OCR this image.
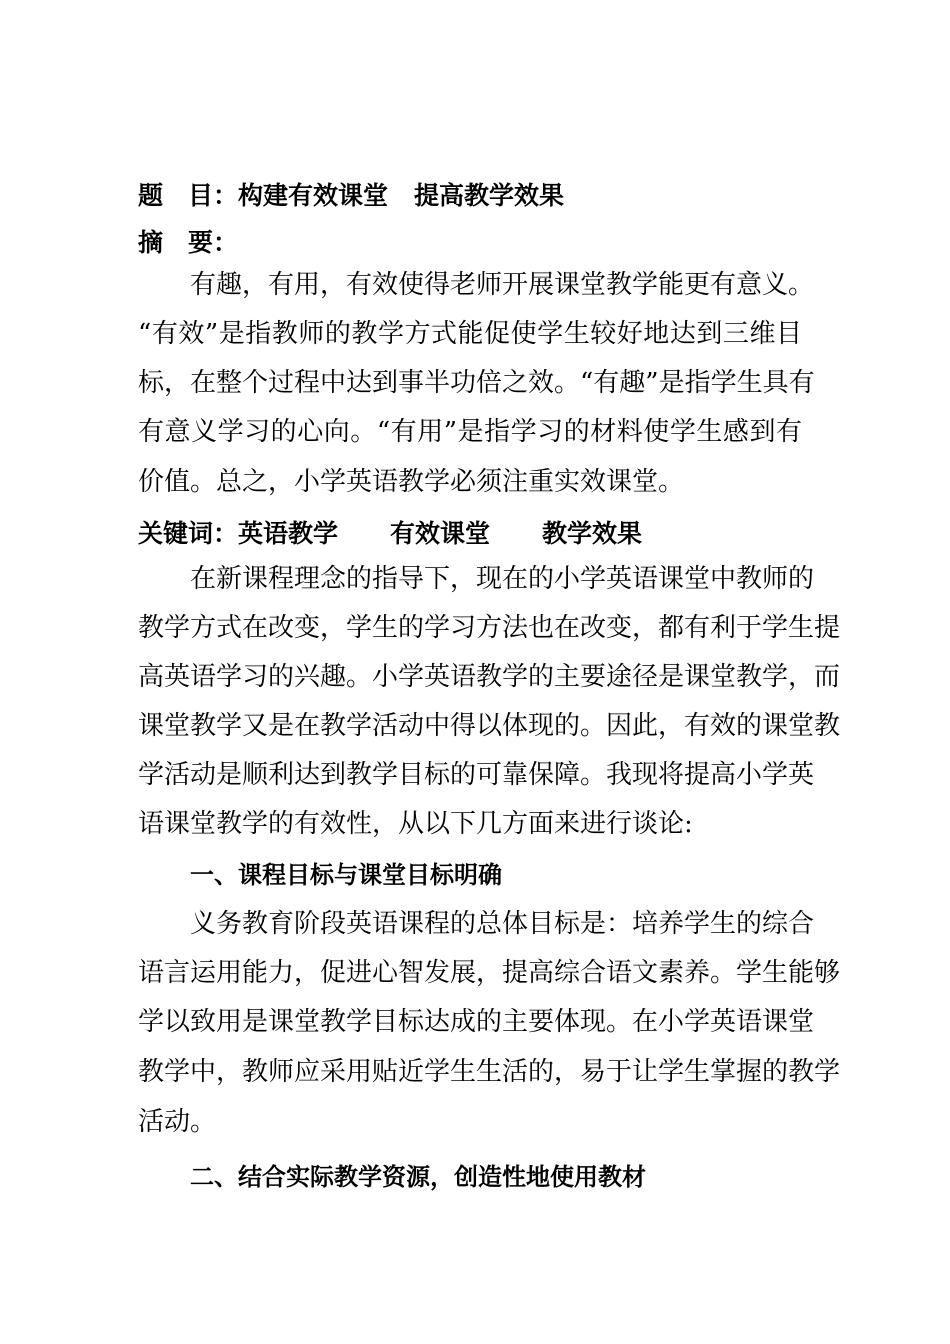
题　目：构建有效课堂 提高教学效果
摘　要：
有趣，有用，有效使得老师开展课堂教学能更有意义。
“有效”是指教师的教学方式能促使学生较好地达到三维目
标，在整个过程中达到事半功倍之效。“有趣”是指学生具有
有意义学习的心向。“有用”是指学习的材料使学生感到有
价值。总之，小学英语教学必须注重实效课堂。
关键词：英语教学 有效课堂 教学效果
在新课程理念的指导下，现在的小学英语课堂中教师的
教学方式在改变，学生的学习方法也在改变，都有利于学生提
高英语学习的兴趣。小学英语教学的主要途径是课堂教学，而
课堂教学又是在教学活动中得以体现的。因此，有效的课堂教
学活动是顺利达到教学目标的可靠保障。我现将提高小学英
语课堂教学的有效性，从以下几方面来进行谈论:
一、课程目标与课堂目标明确
义务教育阶段英语课程的总体目标是：培养学生的综合
语言运用能力，促进心智发展，提高综合语文素养。学生能够
学以致用是课堂教学目标达成的主要体现。在小学英语课堂
教学中，教师应采用贴近学生生活的，易于让学生掌握的教学
活动。
二、结合实际教学资源，创造性地使用教材
